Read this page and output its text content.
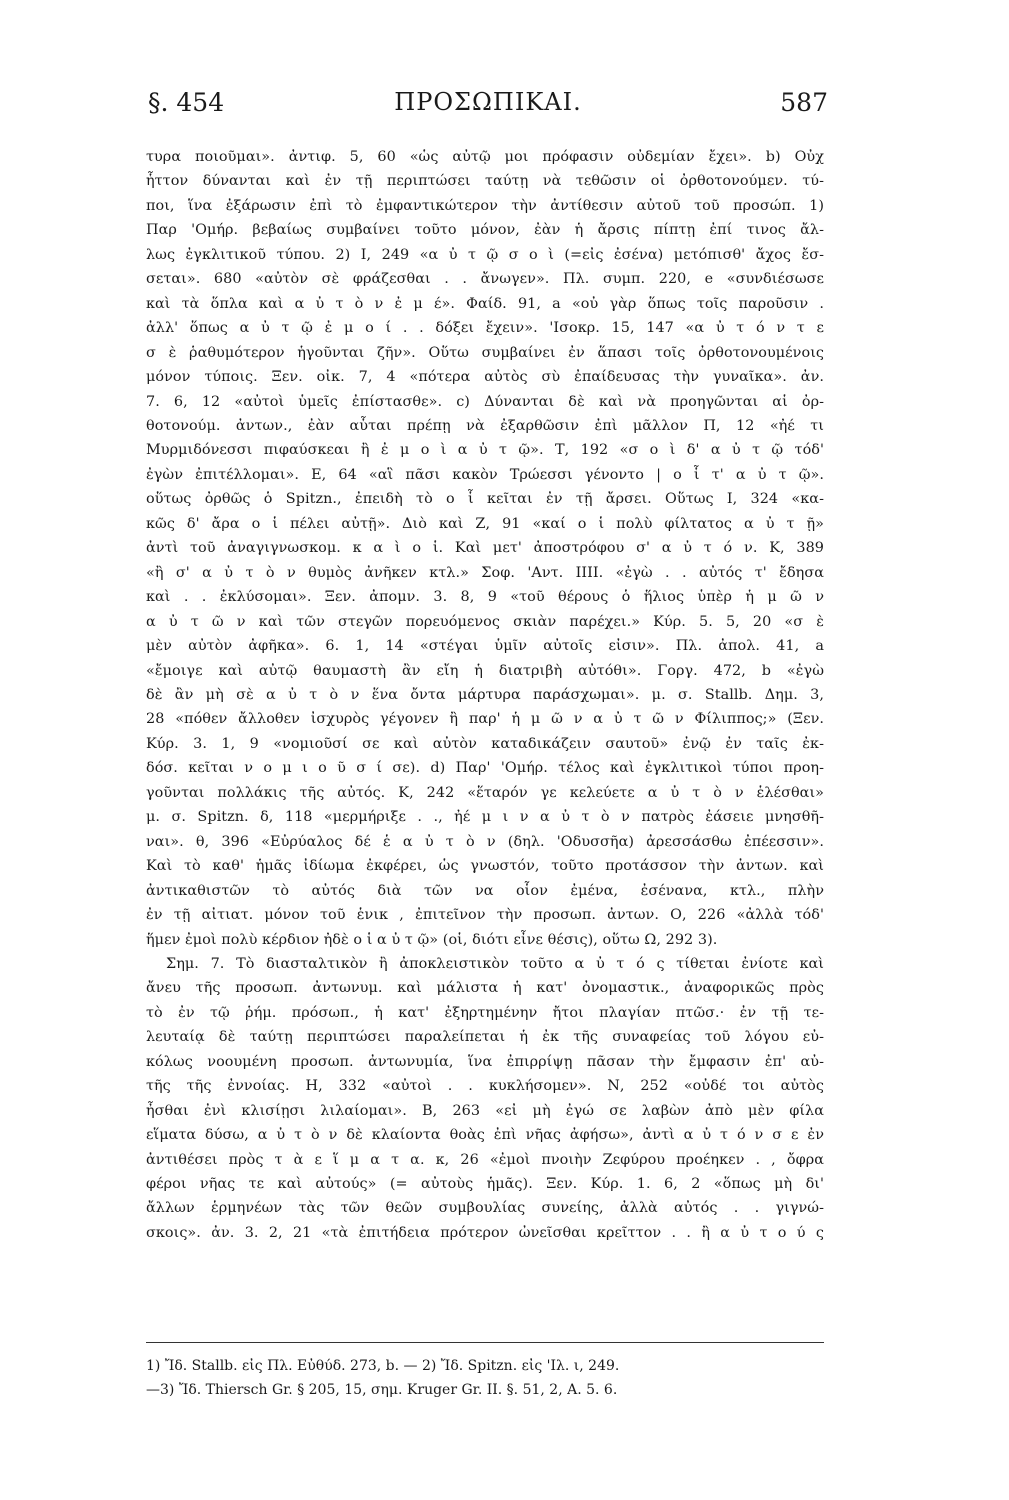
§. 454	ΠΡΟΣΩΠΙΚΑΙ.	587
τυρα ποιοῦμαι». ἀντιφ. 5, 60 «ὡς αὐτῷ μοι πρόφασιν οὐδεμίαν ἔχει». b) Οὐχ
ἧττον δύνανται καὶ ἐν τῇ περιπτώσει ταύτῃ νὰ τεθῶσιν οἱ ὀρθοτονούμεν. τύ-
ποι, ἵνα ἐξάρωσιν ἐπὶ τὸ ἐμφαντικώτερον τὴν ἀντίθεσιν αὐτοῦ τοῦ προσώπ. 1)
Παρ 'Ομήρ. βεβαίως συμβαίνει τοῦτο μόνον, ἐὰν ἡ ἄρσις πίπτῃ ἐπί τινος ἄλ-
λως ἐγκλιτικοῦ τύπου. 2) Ι, 249 «α ὐ τ ῷ σ ο ὶ (=εἰς ἐσένα) μετόπισθ' ἄχος ἔσ-
σεται». 680 «αὐτὸν σὲ φράζεσθαι . . ἄνωγεν». Πλ. συμπ. 220, e «συνδιέσωσε
καὶ τὰ ὅπλα καὶ α ὐ τ ὸ ν ἐ μ έ». Φαίδ. 91, a «οὐ γὰρ ὅπως τοῖς παροῦσιν .
ἀλλ' ὅπως α ὐ τ ῷ ἐ μ ο ί . . δόξει ἔχειν». 'Ισοκρ. 15, 147 «α ὐ τ ό ν τ ε
σ ὲ ῥαθυμότερον ἡγοῦνται ζῆν». Οὕτω συμβαίνει ἐν ἅπασι τοῖς ὀρθοτονουμένοις
μόνον τύποις. Ξεν. οἰκ. 7, 4 «πότερα αὐτὸς σὺ ἐπαίδευσας τὴν γυναῖκα». ἀν.
7. 6, 12 «αὐτοὶ ὑμεῖς ἐπίστασθε». c) Δύνανται δὲ καὶ νὰ προηγῶνται αἱ ὀρ-
θοτονούμ. ἀντων., ἐὰν αὗται πρέπῃ νὰ ἐξαρθῶσιν ἐπὶ μᾶλλον Π, 12 «ἠέ τι
Μυρμιδόνεσσι πιφαύσκεαι ἢ ἐ μ ο ὶ α ὐ τ ῷ». Τ, 192 «σ ο ὶ δ' α ὐ τ ῷ τόδ'
ἐγὼν ἐπιτέλλομαι». Ε, 64 «αἳ πᾶσι κακὸν Τρώεσσι γένοντο | ο ἷ τ' α ὐ τ ῷ».
οὕτως ὀρθῶς ὁ Spitzn., ἐπειδὴ τὸ ο ἷ κεῖται ἐν τῇ ἄρσει. Οὕτως Ι, 324 «κα-
κῶς δ' ἄρα ο ἱ πέλει αὐτῇ». Διὸ καὶ Ζ, 91 «καί ο ἱ πολὺ φίλτατος α ὐ τ ῇ»
ἀντὶ τοῦ ἀναγιγνωσκομ. κ α ὶ ο ἱ. Καὶ μετ' ἀποστρόφου σ' α ὐ τ ό ν. Κ, 389
«ἢ σ' α ὐ τ ὸ ν θυμὸς ἀνῆκεν κτλ.» Σοφ. 'Αντ. ΙΙΙΙ. «ἐγὼ . . αὐτός τ' ἔδησα
καὶ . . ἐκλύσομαι». Ξεν. ἀπομν. 3. 8, 9 «τοῦ θέρους ὁ ἥλιος ὑπὲρ ἡ μ ῶ ν
α ὐ τ ῶ ν καὶ τῶν στεγῶν πορευόμενος σκιὰν παρέχει.» Κύρ. 5. 5, 20 «σ ὲ
μὲν αὐτὸν ἀφῆκα». 6. 1, 14 «στέγαι ὑμῖν αὐτοῖς εἰσιν». Πλ. ἀπολ. 41, a
«ἔμοιγε καὶ αὐτῷ θαυμαστὴ ἂν εἴη ἡ διατριβὴ αὐτόθι». Γοργ. 472, b «ἐγὼ
δὲ ἂν μὴ σὲ α ὐ τ ὸ ν ἕνα ὄντα μάρτυρα παράσχωμαι». μ. σ. Stallb. Δημ. 3,
28 «πόθεν ἄλλοθεν ἰσχυρὸς γέγονεν ἢ παρ' ἡ μ ῶ ν α ὐ τ ῶ ν Φίλιππος;» (Ξεν.
Κύρ. 3. 1, 9 «νομιοῦσί σε καὶ αὐτὸν καταδικάζειν σαυτοῦ» ἐνῷ ἐν ταῖς ἐκ-
δόσ. κεῖται ν ο μ ι ο ῦ σ ί σε). d) Παρ' 'Ομήρ. τέλος καὶ ἐγκλιτικοὶ τύποι προη-
γοῦνται πολλάκις τῆς αὐτός. Κ, 242 «ἕταρόν γε κελεύετε α ὐ τ ὸ ν ἑλέσθαι»
μ. σ. Spitzn. δ, 118 «μερμήριξε . ., ἠέ μ ι ν α ὐ τ ὸ ν πατρὸς ἐάσειε μνησθῆ-
ναι». θ, 396 «Εὐρύαλος δέ ἑ α ὐ τ ὸ ν (δηλ. 'Οδυσσῆα) ἀρεσσάσθω ἐπέεσσιν».
Καὶ τὸ καθ' ἡμᾶς ἰδίωμα ἐκφέρει, ὡς γνωστόν, τοῦτο προτάσσον τὴν ἀντων. καὶ
ἀντικαθιστῶν τὸ αὐτός διὰ τῶν να οἷον ἐμένα, ἐσένανα, κτλ., πλὴν
ἐν τῇ αἰτιατ. μόνον τοῦ ἑνικ , ἐπιτεῖνον τὴν προσωπ. ἀντων. Ο, 226 «ἀλλὰ τόδ'
ἥμεν ἐμοὶ πολὺ κέρδιον ἠδὲ ο ἱ α ὐ τ ῷ» (οἱ, διότι εἶνε θέσις), οὕτω Ω, 292 3).
Σημ. 7. Τὸ διασταλτικὸν ἢ ἀποκλειστικὸν τοῦτο α ὐ τ ό ς τίθεται ἐνίοτε καὶ
ἄνευ τῆς προσωπ. ἀντωνυμ. καὶ μάλιστα ἡ κατ' ὀνομαστικ., ἀναφορικῶς πρὸς
τὸ ἐν τῷ ῥήμ. πρόσωπ., ἡ κατ' ἐξηρτημένην ἤτοι πλαγίαν πτῶσ.· ἐν τῇ τε-
λευταίᾳ δὲ ταύτῃ περιπτώσει παραλείπεται ἡ ἐκ τῆς συναφείας τοῦ λόγου εὐ-
κόλως νοουμένη προσωπ. ἀντωνυμία, ἵνα ἐπιρρίψῃ πᾶσαν τὴν ἔμφασιν ἐπ' αὐ-
τῆς τῆς ἐννοίας. Η, 332 «αὐτοὶ . . κυκλήσομεν». Ν, 252 «οὐδέ τοι αὐτὸς
ἦσθαι ἐνὶ κλισίῃσι λιλαίομαι». Β, 263 «εἰ μὴ ἐγώ σε λαβὼν ἀπὸ μὲν φίλα
εἵματα δύσω, α ὐ τ ὸ ν δὲ κλαίοντα θοὰς ἐπὶ νῆας ἀφήσω», ἀντὶ α ὐ τ ό ν σ ε ἐν
ἀντιθέσει πρὸς τ ὰ ε ἵ μ α τ α. κ, 26 «ἐμοὶ πνοιὴν Ζεφύρου προέηκεν . , ὄφρα
φέροι νῆας τε καὶ αὐτούς» (= αὐτοὺς ἡμᾶς). Ξεν. Κύρ. 1. 6, 2 «ὅπως μὴ δι'
ἄλλων ἑρμηνέων τὰς τῶν θεῶν συμβουλίας συνείης, ἀλλὰ αὐτός . . γιγνώ-
σκοις». ἀν. 3. 2, 21 «τὰ ἐπιτήδεια πρότερον ὠνεῖσθαι κρεῖττον . . ἢ α ὐ τ ο ύ ς
1) Ἴδ. Stallb. εἰς Πλ. Εὐθύδ. 273, b. — 2) Ἴδ. Spitzn. εἰς 'Ιλ. ι, 249.
—3) Ἴδ. Thiersch Gr. § 205, 15, σημ. Kruger Gr. II. §. 51, 2, A. 5. 6.
